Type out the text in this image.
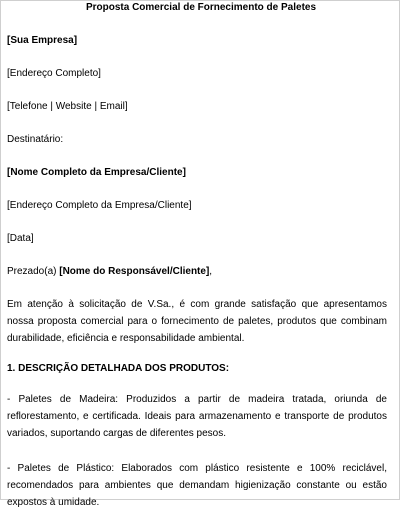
Proposta Comercial de Fornecimento de Paletes
[Sua Empresa]
[Endereço Completo]
[Telefone | Website | Email]
Destinatário:
[Nome Completo da Empresa/Cliente]
[Endereço Completo da Empresa/Cliente]
[Data]
Prezado(a) [Nome do Responsável/Cliente],
Em atenção à solicitação de V.Sa., é com grande satisfação que apresentamos nossa proposta comercial para o fornecimento de paletes, produtos que combinam durabilidade, eficiência e responsabilidade ambiental.
1. DESCRIÇÃO DETALHADA DOS PRODUTOS:
- Paletes de Madeira: Produzidos a partir de madeira tratada, oriunda de reflorestamento, e certificada. Ideais para armazenamento e transporte de produtos variados, suportando cargas de diferentes pesos.
- Paletes de Plástico: Elaborados com plástico resistente e 100% reciclável, recomendados para ambientes que demandam higienização constante ou estão expostos à umidade.
